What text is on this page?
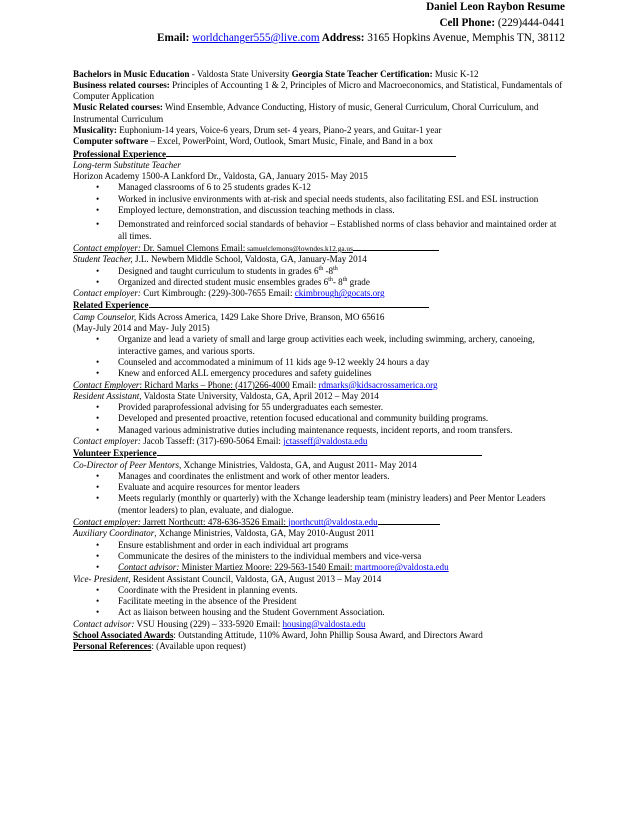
Daniel Leon Raybon Resume
Cell Phone: (229)444-0441
Email: worldchanger555@live.com Address: 3165 Hopkins Avenue, Memphis TN, 38112

Bachelors in Music Education - Valdosta State University Georgia State Teacher Certification: Music K-12

Business related courses: Principles of Accounting 1 & 2, Principles of Micro and Macroeconomics, and Statistical, Fundamentals of Computer Application

Music Related courses: Wind Ensemble, Advance Conducting, History of music, General Curriculum, Choral Curriculum, and Instrumental Curriculum

Musicality: Euphonium-14 years, Voice-6 years, Drum set- 4 years, Piano-2 years, and Guitar-1 year

Computer software – Excel, PowerPoint, Word, Outlook, Smart Music, Finale, and Band in a box

Professional Experience

Long-term Substitute Teacher

Horizon Academy 1500-A Lankford Dr., Valdosta, GA, January 2015- May 2015

• Managed classrooms of 6 to 25 students grades K-12
• Worked in inclusive environments with at-risk and special needs students, also facilitating ESL and ESL instruction
• Employed lecture, demonstration, and discussion teaching methods in class.
• Demonstrated and reinforced social standards of behavior – Established norms of class behavior and maintained order at all times.

Contact employer: Dr. Samuel Clemons Email: samuelclemons@lowndes.k12.ga.us

Student Teacher, J.L. Newbern Middle School, Valdosta, GA, January-May 2014

• Designed and taught curriculum to students in grades 6th -8th
• Organized and directed student music ensembles grades 6th- 8th grade

Contact employer: Curt Kimbrough: (229)-300-7655 Email: ckimbrough@gocats.org

Related Experience

Camp Counselor, Kids Across America, 1429 Lake Shore Drive, Branson, MO 65616

(May-July 2014 and May- July 2015)

• Organize and lead a variety of small and large group activities each week, including swimming, archery, canoeing, interactive games, and various sports.
• Counseled and accommodated a minimum of 11 kids age 9-12 weekly 24 hours a day
• Knew and enforced ALL emergency procedures and safety guidelines

Contact Employer: Richard Marks – Phone: (417)266-4000 Email: rdmarks@kidsacrossamerica.org

Resident Assistant, Valdosta State University, Valdosta, GA, April 2012 – May 2014

• Provided paraprofessional advising for 55 undergraduates each semester.
• Developed and presented proactive, retention focused educational and community building programs.
• Managed various administrative duties including maintenance requests, incident reports, and room transfers.

Contact employer: Jacob Tasseff: (317)-690-5064 Email: jctasseff@valdosta.edu

Volunteer Experience

Co-Director of Peer Mentors, Xchange Ministries, Valdosta, GA, and August 2011- May 2014

• Manages and coordinates the enlistment and work of other mentor leaders.
• Evaluate and acquire resources for mentor leaders
• Meets regularly (monthly or quarterly) with the Xchange leadership team (ministry leaders) and Peer Mentor Leaders (mentor leaders) to plan, evaluate, and dialogue.

Contact employer: Jarrett Northcutt: 478-636-3526 Email: jnorthcutt@valdosta.edu

Auxiliary Coordinator, Xchange Ministries, Valdosta, GA, May 2010-August 2011

• Ensure establishment and order in each individual art programs
• Communicate the desires of the ministers to the individual members and vice-versa
• Contact advisor: Minister Martiez Moore: 229-563-1540 Email: martmoore@valdosta.edu

Vice- President, Resident Assistant Council, Valdosta, GA, August 2013 – May 2014

• Coordinate with the President in planning events.
• Facilitate meeting in the absence of the President
• Act as liaison between housing and the Student Government Association.

Contact advisor: VSU Housing (229) – 333-5920 Email: housing@valdosta.edu

School Associated Awards: Outstanding Attitude, 110% Award, John Phillip Sousa Award, and Directors Award

Personal References: (Available upon request)
